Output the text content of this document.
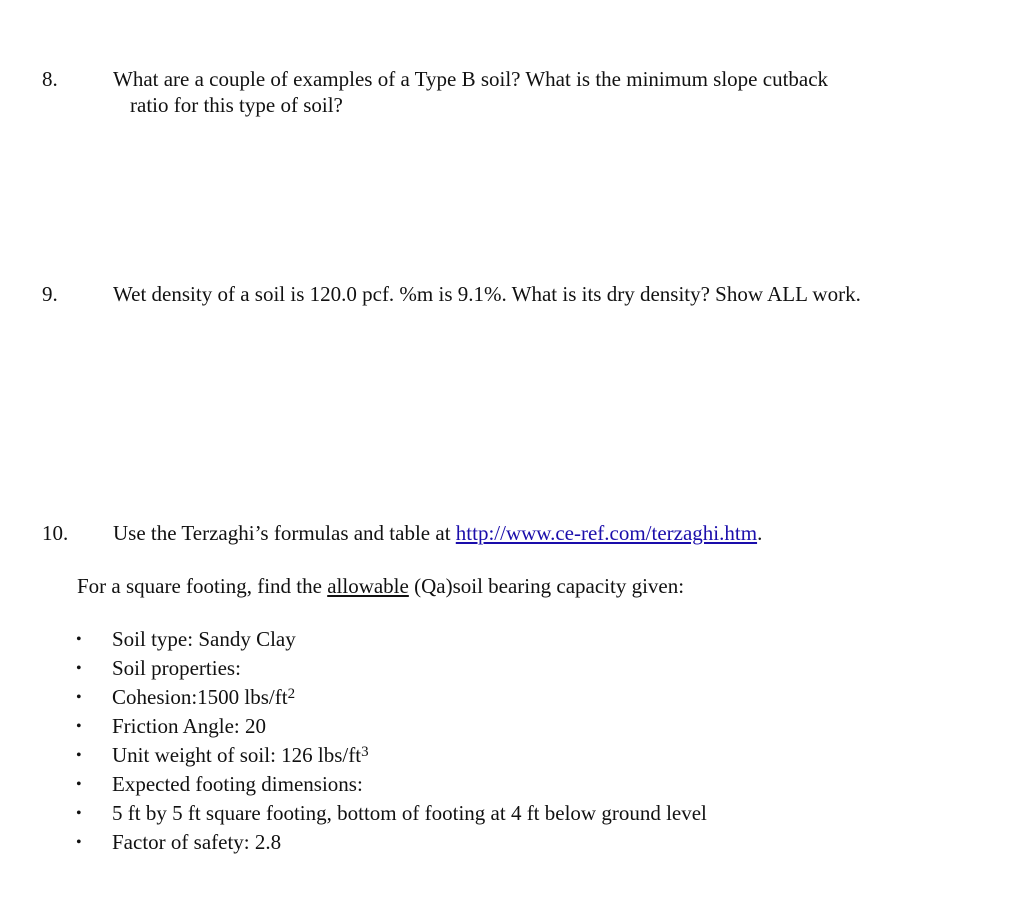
8.	What are a couple of examples of a Type B soil? What is the minimum slope cutback
ratio for this type of soil?
9.	Wet density of a soil is 120.0 pcf. %m is 9.1%. What is its dry density? Show ALL work.
10. Use the Terzaghi’s formulas and table at http://www.ce-ref.com/terzaghi.htm.
For a square footing, find the allowable (Qa)soil bearing capacity given:
• Soil type: Sandy Clay
• Soil properties:
• Cohesion:1500 lbs/$ft^2$
• Friction Angle: 20
• Unit weight of soil: 126 lbs/$ft^3$
• Expected footing dimensions:
• 5 ft by 5 ft square footing, bottom of footing at 4 ft below ground level
• Factor of safety: 2.8
